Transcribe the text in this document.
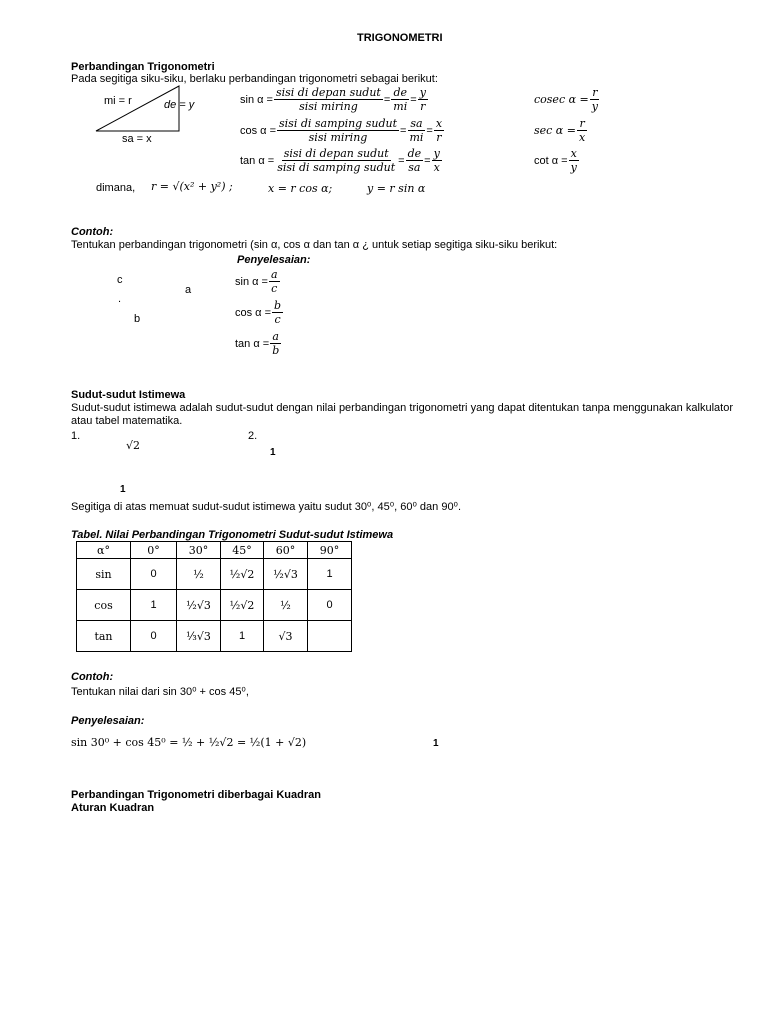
TRIGONOMETRI
Perbandingan Trigonometri
Pada segitiga siku-siku, berlaku perbandingan trigonometri sebagai berikut:
mi = r	de = y
sa = x
$\sin \alpha = \frac{\text{sisi di depan sudut}}{\text{sisi miring}} = \frac{de}{mi} = \frac{y}{r}$
$\cos \alpha = \frac{\text{sisi di samping sudut}}{\text{sisi miring}} = \frac{sa}{mi} = \frac{x}{r}$
$\tan \alpha = \frac{\text{sisi di depan sudut}}{\text{sisi di samping sudut}} = \frac{de}{sa} = \frac{y}{x}$
cosec $\alpha = \frac{r}{y}$
$\sec \alpha = \frac{r}{x}$
$\cot \alpha = \frac{x}{y}$
dimana, r = √(x² + y²) ;	x = r cos α;	y = r sin α
Contoh:
Tentukan perbandingan trigonometri (sin α, cos α dan tan α ¿ untuk setiap segitiga siku-siku berikut:
Penyelesaian:
c
.
a
b
$\sin \alpha = \frac{a}{c}$
$\cos \alpha = \frac{b}{c}$
$\tan \alpha = \frac{a}{b}$
Sudut-sudut Istimewa
Sudut-sudut istimewa adalah sudut-sudut dengan nilai perbandingan trigonometri yang dapat ditentukan tanpa menggunakan kalkulator atau tabel matematika.
1.	2.
√2
1
1
Segitiga di atas memuat sudut-sudut istimewa yaitu sudut 30⁰, 45⁰, 60⁰ dan 90⁰.
Tabel. Nilai Perbandingan Trigonometri Sudut-sudut Istimewa
α°	0°	30°	45°	60°	90°
sin	0	½	½√2	½√3	1
cos	1	½√3	½√2	½	0
tan	0	⅓√3	1	√3	
Contoh:
Tentukan nilai dari sin 30⁰ + cos 45⁰,
Penyelesaian:
sin 30⁰ + cos 45⁰ = ½ + ½√2 = ½(1 + √2)	1
Perbandingan Trigonometri diberbagai Kuadran
Aturan Kuadran
